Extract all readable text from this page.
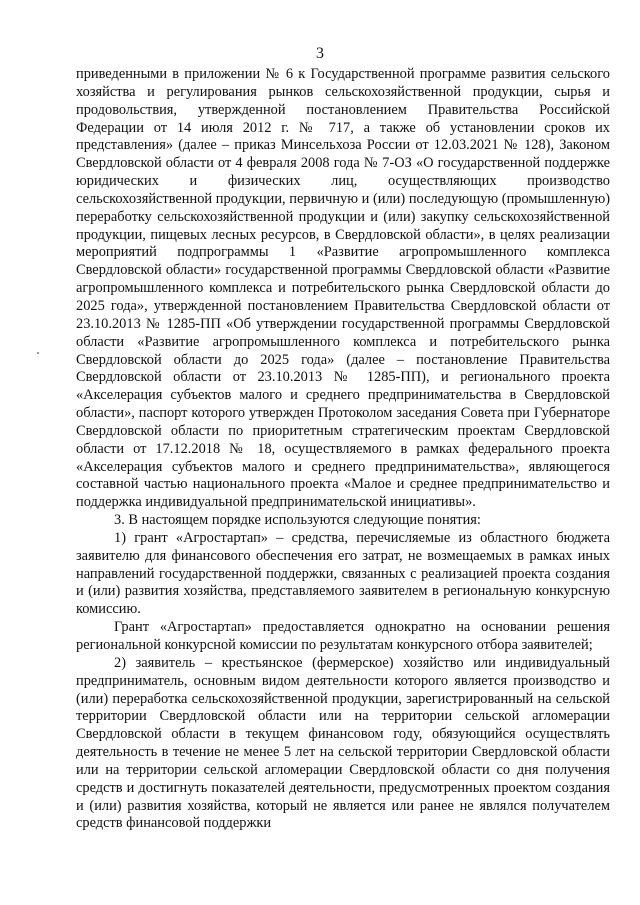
3

приведенными в приложении № 6 к Государственной программе развития сельского хозяйства и регулирования рынков сельскохозяйственной продукции, сырья и продовольствия, утвержденной постановлением Правительства Российской Федерации от 14 июля 2012 г. № 717, а также об установлении сроков их представления» (далее – приказ Минсельхоза России от 12.03.2021 № 128), Законом Свердловской области от 4 февраля 2008 года № 7-ОЗ «О государственной поддержке юридических и физических лиц, осуществляющих производство сельскохозяйственной продукции, первичную и (или) последующую (промышленную) переработку сельскохозяйственной продукции и (или) закупку сельскохозяйственной продукции, пищевых лесных ресурсов, в Свердловской области», в целях реализации мероприятий подпрограммы 1 «Развитие агропромышленного комплекса Свердловской области» государственной программы Свердловской области «Развитие агропромышленного комплекса и потребительского рынка Свердловской области до 2025 года», утвержденной постановлением Правительства Свердловской области от 23.10.2013 № 1285-ПП «Об утверждении государственной программы Свердловской области «Развитие агропромышленного комплекса и потребительского рынка Свердловской области до 2025 года» (далее – постановление Правительства Свердловской области от 23.10.2013 № 1285-ПП), и регионального проекта «Акселерация субъектов малого и среднего предпринимательства в Свердловской области», паспорт которого утвержден Протоколом заседания Совета при Губернаторе Свердловской области по приоритетным стратегическим проектам Свердловской области от 17.12.2018 № 18, осуществляемого в рамках федерального проекта «Акселерация субъектов малого и среднего предпринимательства», являющегося составной частью национального проекта «Малое и среднее предпринимательство и поддержка индивидуальной предпринимательской инициативы».

3. В настоящем порядке используются следующие понятия:

1) грант «Агростартап» – средства, перечисляемые из областного бюджета заявителю для финансового обеспечения его затрат, не возмещаемых в рамках иных направлений государственной поддержки, связанных с реализацией проекта создания и (или) развития хозяйства, представляемого заявителем в региональную конкурсную комиссию.

Грант «Агростартап» предоставляется однократно на основании решения региональной конкурсной комиссии по результатам конкурсного отбора заявителей;

2) заявитель – крестьянское (фермерское) хозяйство или индивидуальный предприниматель, основным видом деятельности которого является производство и (или) переработка сельскохозяйственной продукции, зарегистрированный на сельской территории Свердловской области или на территории сельской агломерации Свердловской области в текущем финансовом году, обязующийся осуществлять деятельность в течение не менее 5 лет на сельской территории Свердловской области или на территории сельской агломерации Свердловской области со дня получения средств и достигнуть показателей деятельности, предусмотренных проектом создания и (или) развития хозяйства, который не является или ранее не являлся получателем средств финансовой поддержки
